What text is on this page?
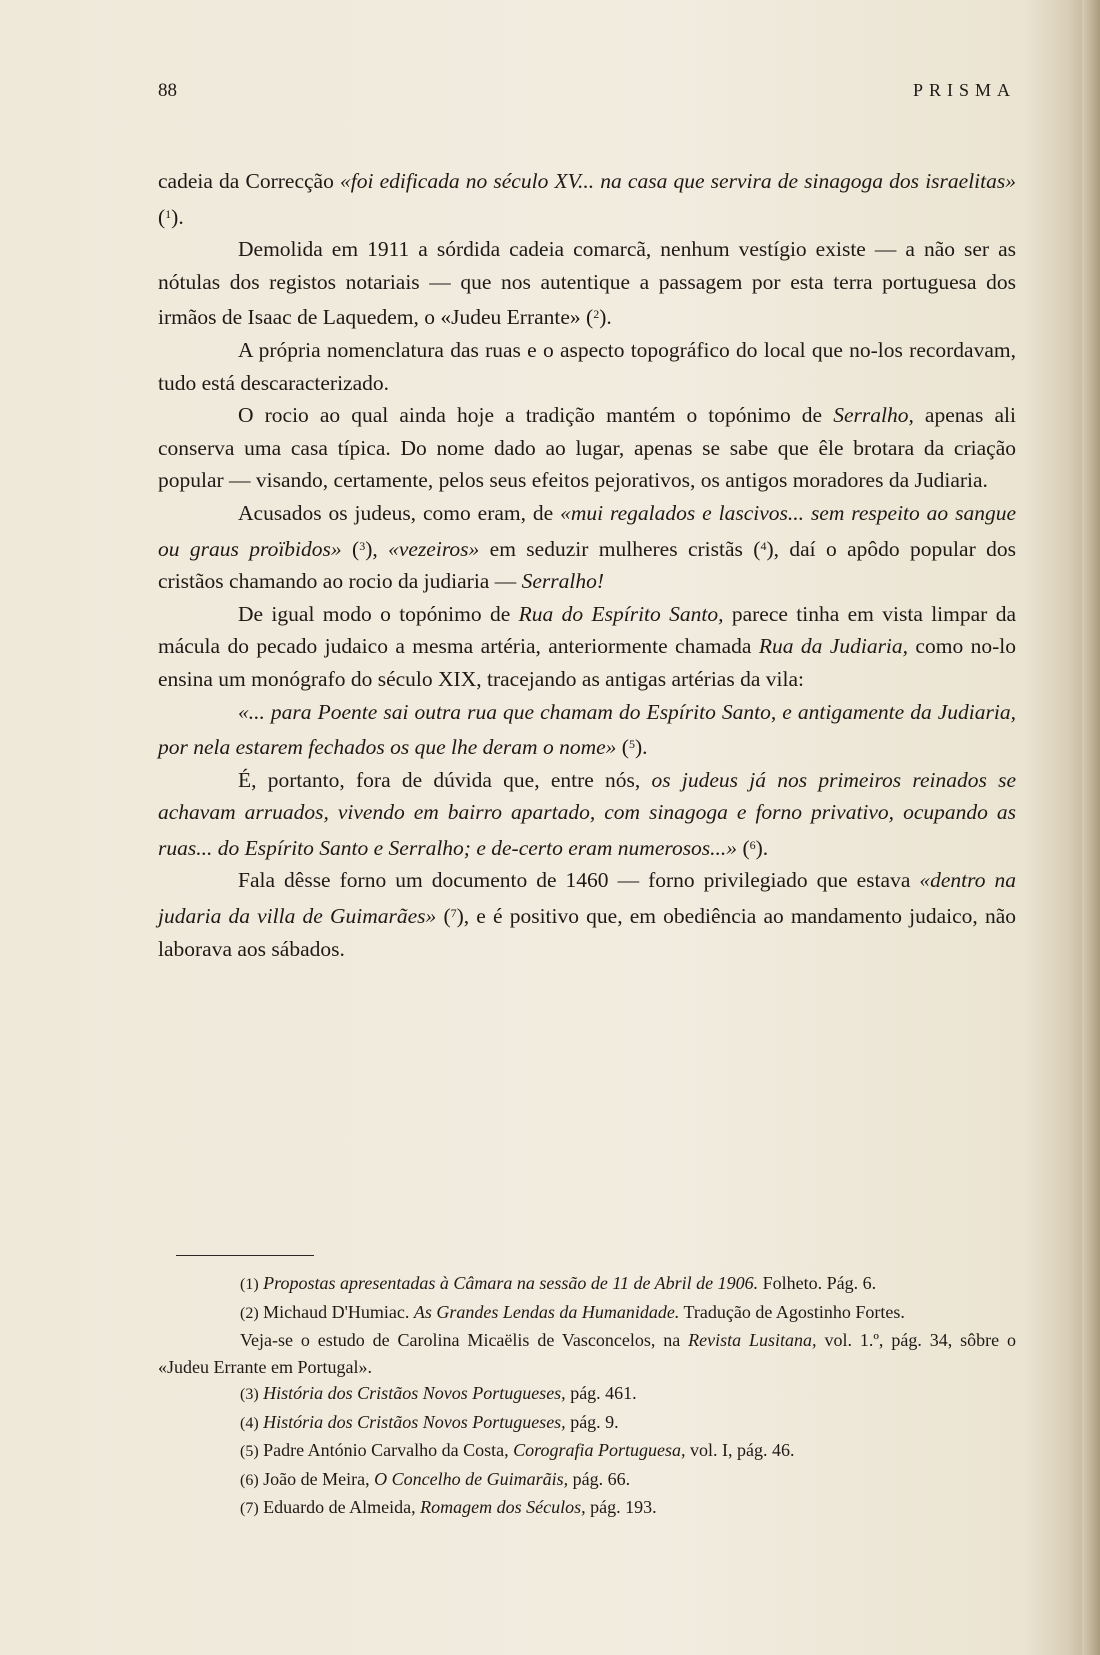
88	PRISMA

cadeia da Correcção «foi edificada no século XV... na casa que servira de sinagoga dos israelitas» ($^1$).

Demolida em 1911 a sórdida cadeia comarcã, nenhum vestígio existe — a não ser as nótulas dos registos notariais — que nos autentique a passagem por esta terra portuguesa dos irmãos de Isaac de Laquedem, o «Judeu Errante» ($^2$).

A própria nomenclatura das ruas e o aspecto topográfico do local que no-los recordavam, tudo está descaracterizado.

O rocio ao qual ainda hoje a tradição mantém o topónimo de Serralho, apenas ali conserva uma casa típica. Do nome dado ao lugar, apenas se sabe que êle brotara da criação popular — visando, certamente, pelos seus efeitos pejorativos, os antigos moradores da Judiaria.

Acusados os judeus, como eram, de «mui regalados e lascivos... sem respeito ao sangue ou graus proïbidos» ($^3$), «vezeiros» em seduzir mulheres cristãs ($^4$), daí o apôdo popular dos cristãos chamando ao rocio da judiaria — Serralho!

De igual modo o topónimo de Rua do Espírito Santo, parece tinha em vista limpar da mácula do pecado judaico a mesma artéria, anteriormente chamada Rua da Judiaria, como no-lo ensina um monógrafo do século XIX, tracejando as antigas artérias da vila:

«... para Poente sai outra rua que chamam do Espírito Santo, e antigamente da Judiaria, por nela estarem fechados os que lhe deram o nome» ($^5$).

É, portanto, fora de dúvida que, entre nós, os judeus já nos primeiros reinados se achavam arruados, vivendo em bairro apartado, com sinagoga e forno privativo, ocupando as ruas... do Espírito Santo e Serralho; e de-certo eram numerosos...» ($^6$).

Fala dêsse forno um documento de 1460 — forno privilegiado que estava «dentro na judaria da villa de Guimarães» ($^7$), e é positivo que, em obediência ao mandamento judaico, não laborava aos sábados.

(1) Propostas apresentadas à Câmara na sessão de 11 de Abril de 1906. Folheto. Pág. 6.

(2) Michaud D'Humiac. As Grandes Lendas da Humanidade. Tradução de Agostinho Fortes.

Veja-se o estudo de Carolina Micaëlis de Vasconcelos, na Revista Lusitana, vol. 1.º, pág. 34, sôbre o «Judeu Errante em Portugal».

(3) História dos Cristãos Novos Portugueses, pág. 461.

(4) História dos Cristãos Novos Portugueses, pág. 9.

(5) Padre António Carvalho da Costa, Corografia Portuguesa, vol. I, pág. 46.

(6) João de Meira, O Concelho de Guimarãis, pág. 66.

(7) Eduardo de Almeida, Romagem dos Séculos, pág. 193.
